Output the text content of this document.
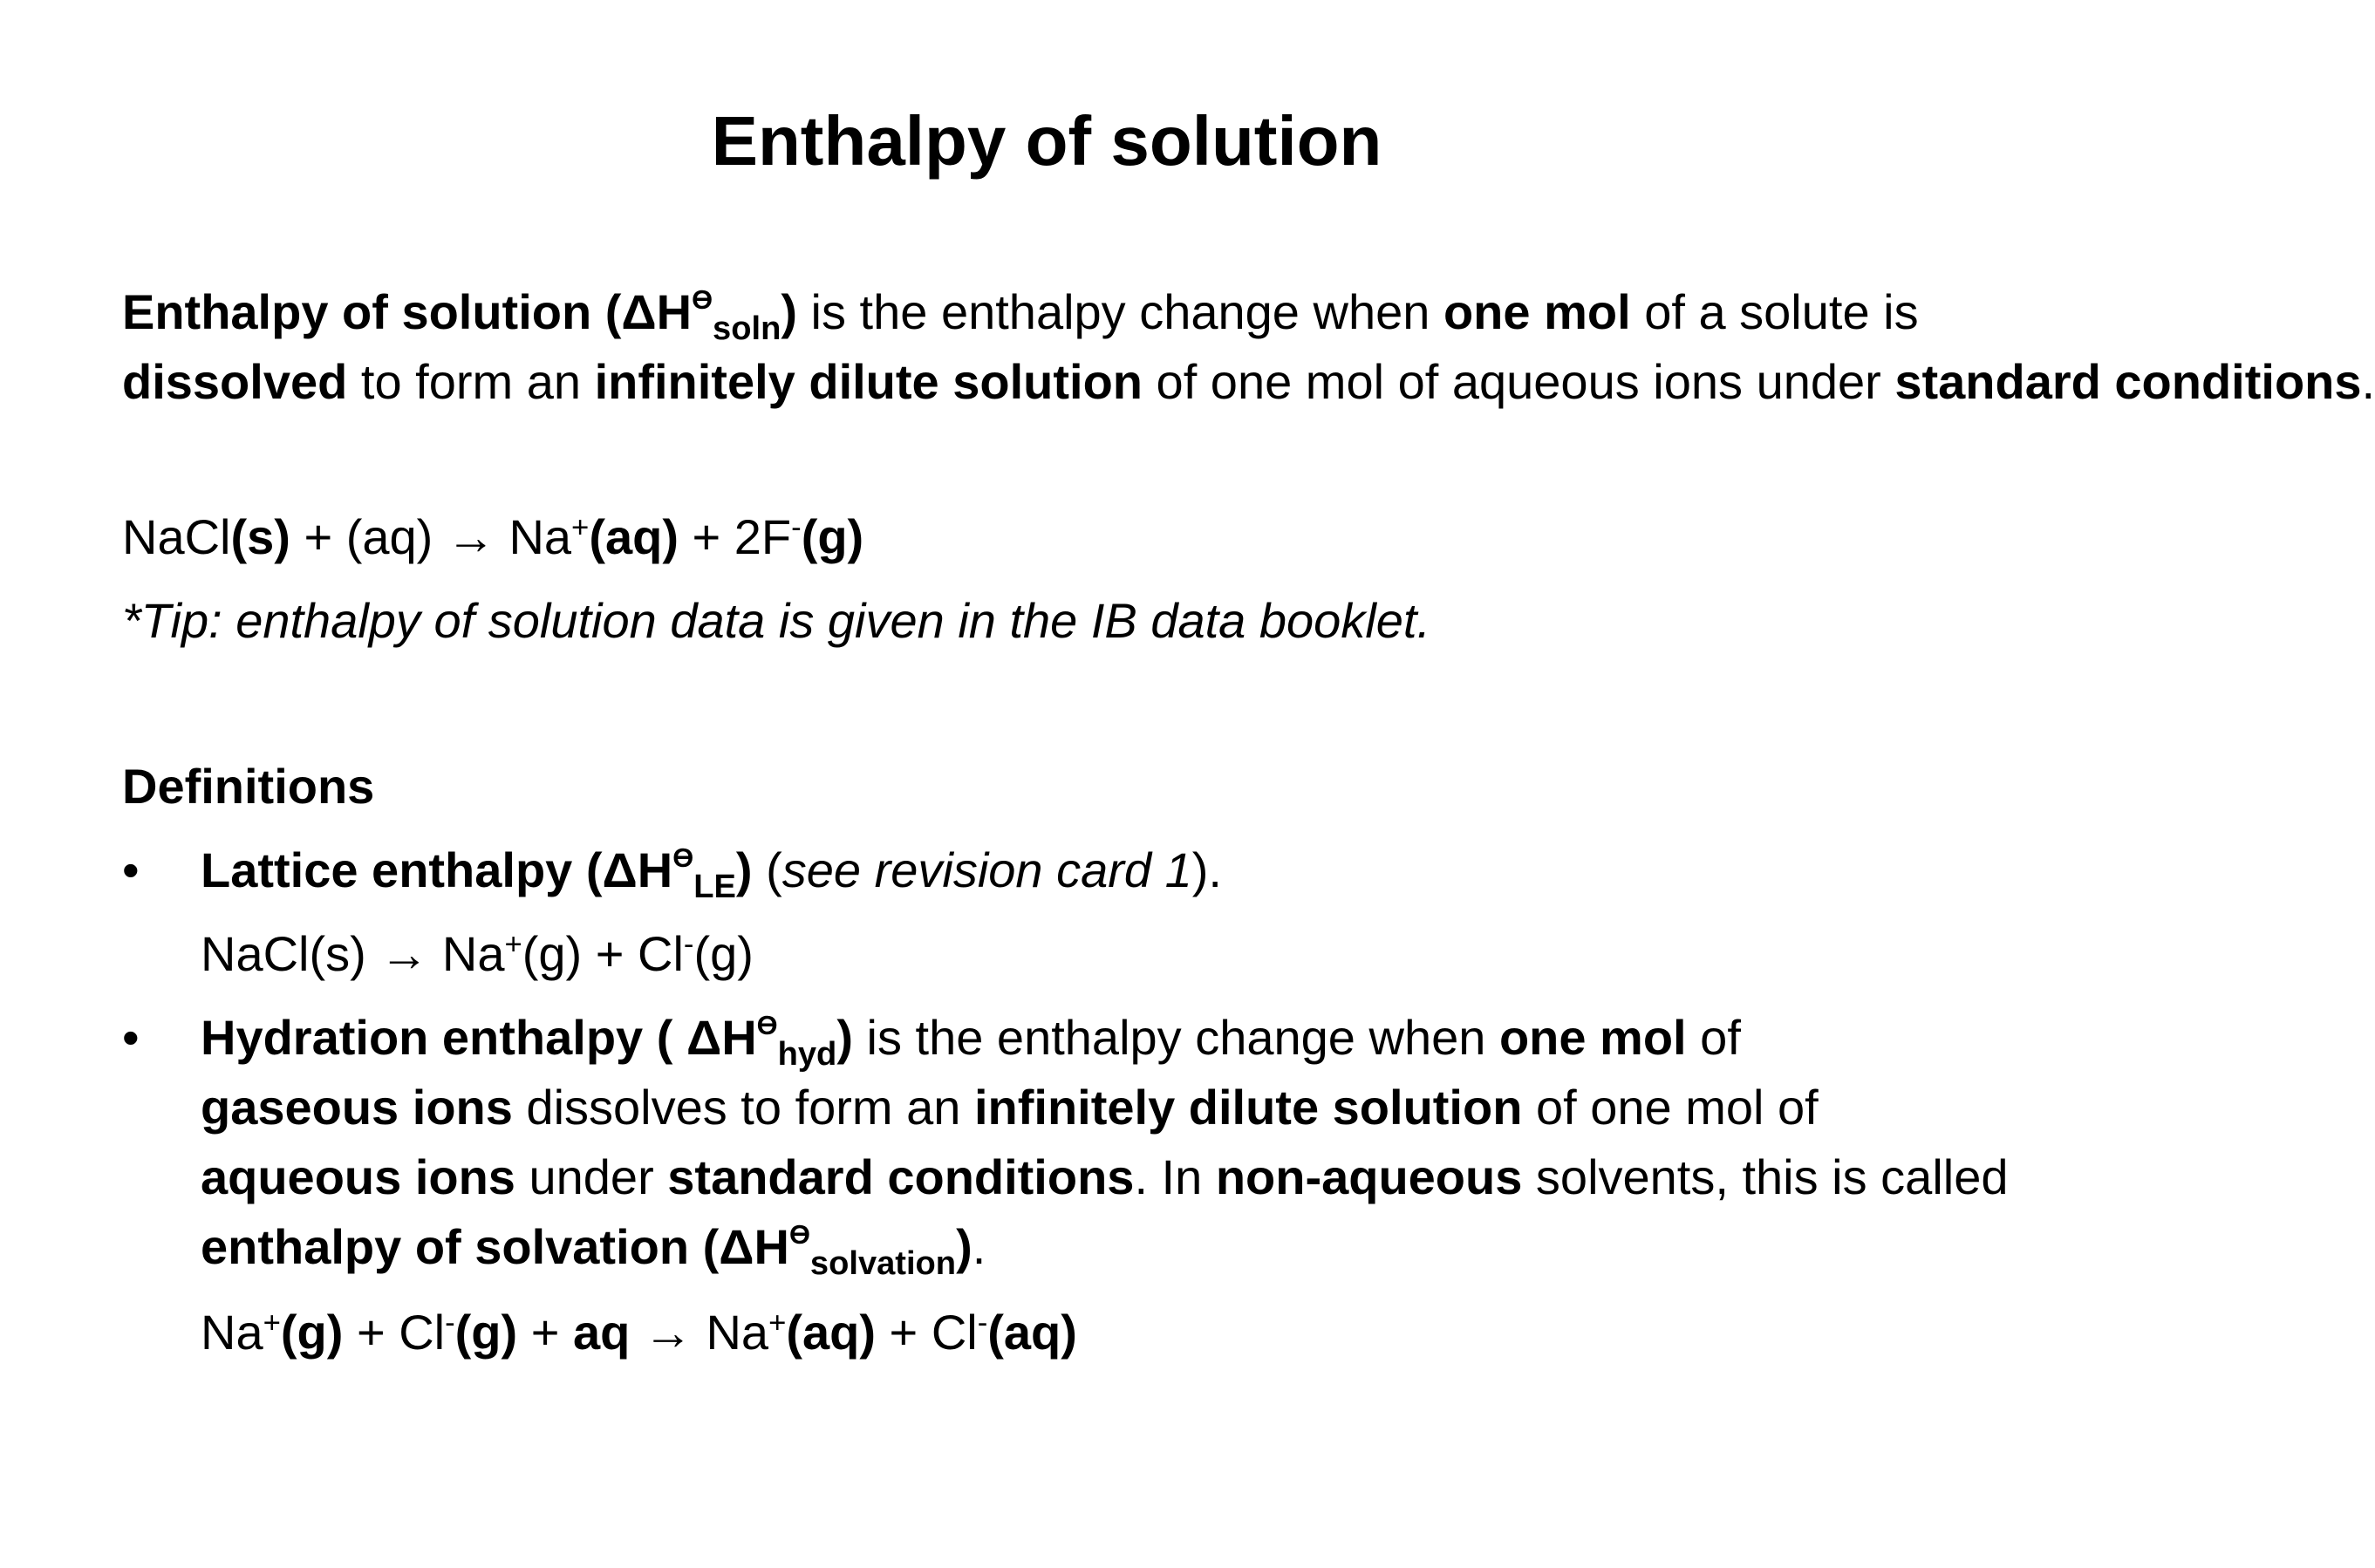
Enthalpy of solution

Enthalpy of solution $(\Delta H^ϴ_{soln})$ is the enthalpy change when one mol of a solute is
dissolved to form an infinitely dilute solution of one mol of aqueous ions under standard conditions.

NaCl(s) + (aq) → Na+(aq) + 2F-(g)

*Tip: enthalpy of solution data is given in the IB data booklet.

Definitions

• Lattice enthalpy $(\Delta H^ϴ_{LE})$ (see revision card 1).

NaCl(s) → Na+(g) + Cl-(g)

• Hydration enthalpy ( $\Delta H^ϴ_{hyd}$) is the enthalpy change when one mol of
gaseous ions dissolves to form an infinitely dilute solution of one mol of
aqueous ions under standard conditions. In non-aqueous solvents, this is called
enthalpy of solvation $(\Delta H^ϴ_{solvation})$.

Na+(g) + Cl-(g) + aq → Na+(aq) + Cl-(aq)
